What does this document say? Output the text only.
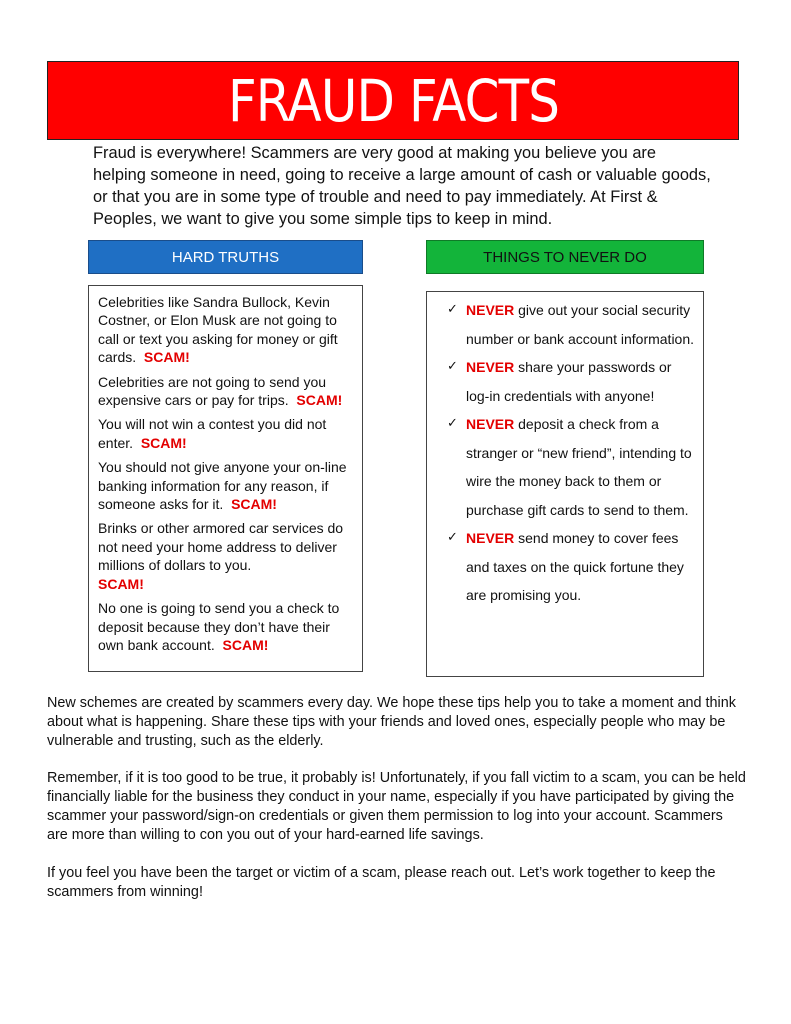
FRAUD FACTS

Fraud is everywhere! Scammers are very good at making you believe you are helping someone in need, going to receive a large amount of cash or valuable goods, or that you are in some type of trouble and need to pay immediately. At First & Peoples, we want to give you some simple tips to keep in mind.

HARD TRUTHS	THINGS TO NEVER DO

Celebrities like Sandra Bullock, Kevin Costner, or Elon Musk are not going to call or text you asking for money or gift cards. SCAM!

Celebrities are not going to send you expensive cars or pay for trips. SCAM!

You will not win a contest you did not enter. SCAM!

You should not give anyone your on-line banking information for any reason, if someone asks for it. SCAM!

Brinks or other armored car services do not need your home address to deliver millions of dollars to you.
SCAM!

No one is going to send you a check to deposit because they don’t have their own bank account. SCAM!

✓ NEVER give out your social security number or bank account information.
✓ NEVER share your passwords or log-in credentials with anyone!
✓ NEVER deposit a check from a stranger or “new friend”, intending to wire the money back to them or purchase gift cards to send to them.
✓ NEVER send money to cover fees and taxes on the quick fortune they are promising you.

New schemes are created by scammers every day. We hope these tips help you to take a moment and think about what is happening. Share these tips with your friends and loved ones, especially people who may be vulnerable and trusting, such as the elderly.

Remember, if it is too good to be true, it probably is! Unfortunately, if you fall victim to a scam, you can be held financially liable for the business they conduct in your name, especially if you have participated by giving the scammer your password/sign-on credentials or given them permission to log into your account. Scammers are more than willing to con you out of your hard-earned life savings.

If you feel you have been the target or victim of a scam, please reach out. Let’s work together to keep the scammers from winning!
